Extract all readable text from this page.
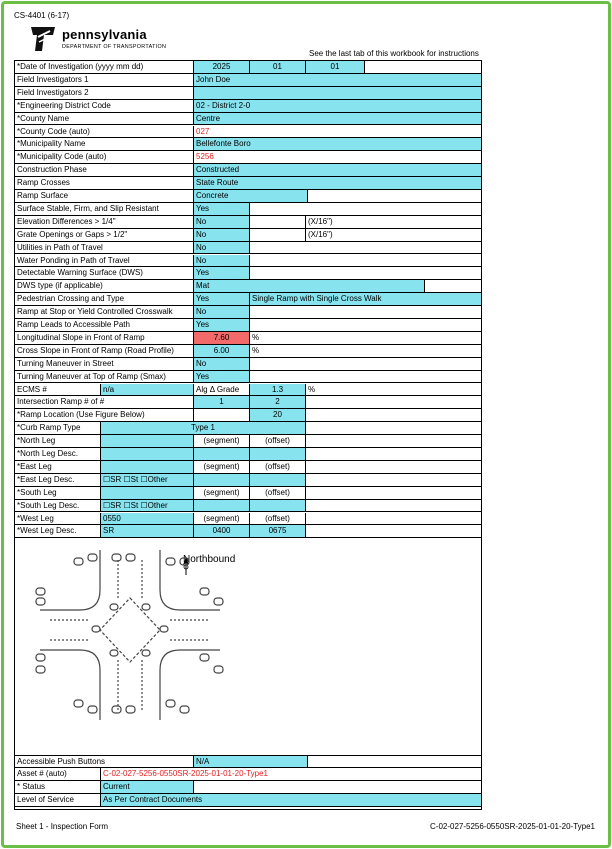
CS-4401 (6-17)
pennsylvania
DEPARTMENT OF TRANSPORTATION
See the last tab of this workbook for instructions
*Date of Investigation (yyyy mm dd)	2025	01	01
Field Investigators 1	John Doe
Field Investigators 2
*Engineering District Code	02 - District 2-0
*County Name	Centre
*County Code (auto)	027
*Municipality Name	Bellefonte Boro
*Municipality Code (auto)	5256
Construction Phase	Constructed
Ramp Crosses	State Route
Ramp Surface	Concrete
Surface Stable, Firm, and Slip Resistant	Yes
Elevation Differences > 1/4"	No	(X/16")
Grate Openings or Gaps > 1/2"	No	(X/16")
Utilities in Path of Travel	No
Water Ponding in Path of Travel	No
Detectable Warning Surface (DWS)	Yes
DWS type (if applicable)	Mat
Pedestrian Crossing and Type	Yes	Single Ramp with Single Cross Walk
Ramp at Stop or Yield Controlled Crosswalk	No
Ramp Leads to Accessible Path	Yes
Longitudinal Slope in Front of Ramp	7.60	%
Cross Slope in Front of Ramp (Road Profile)	6.00	%
Turning Maneuver in Street	No
Turning Maneuver at Top of Ramp (Smax)	Yes
ECMS #	n/a	Alg Δ Grade	1.3	%
Intersection Ramp # of #	1	2
*Ramp Location (Use Figure Below)	20
*Curb Ramp Type	Type 1
*North Leg	(segment)	(offset)
*North Leg Desc.
*East Leg	(segment)	(offset)
*East Leg Desc.	☐SR ☐St ☐Other
*South Leg	(segment)	(offset)
*South Leg Desc.	☐SR ☐St ☐Other
*West Leg	0550	(segment)	(offset)
*West Leg Desc.	SR	0400	0675
Accessible Push Buttons	N/A
Asset # (auto)	C-02-027-5256-0550SR-2025-01-01-20-Type1
* Status	Current
Level of Service	As Per Contract Documents
Northbound
Sheet 1 - Inspection Form	C-02-027-5256-0550SR-2025-01-01-20-Type1
